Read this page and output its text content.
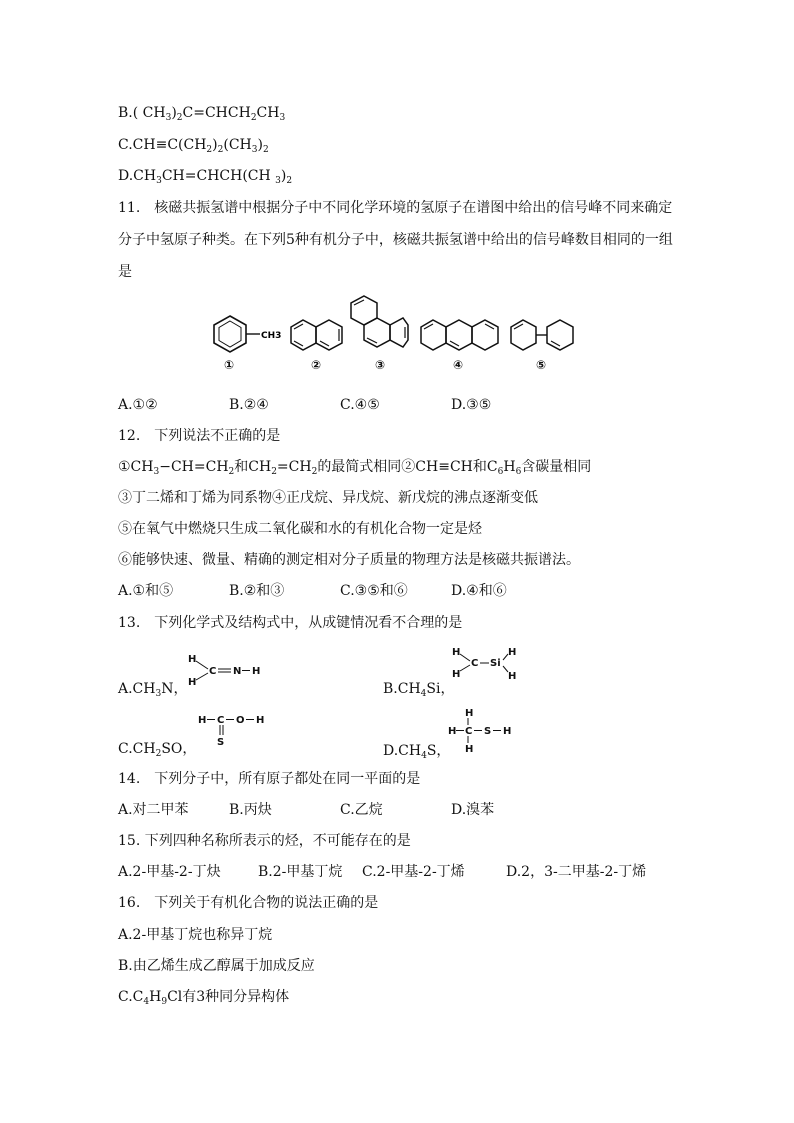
B.( $CH_3)_2C=CHCH_2CH_3$
$C.CH\equiv C(CH_2)_2(CH_3)_2$
$D.CH_3CH=CHCH(CH$ $_3)_2$
11.　核磁共振氢谱中根据分子中不同化学环境的氢原子在谱图中给出的信号峰不同来确定分子中氢原子种类。在下列5种有机分子中，核磁共振氢谱中给出的信号峰数目相同的一组是
CH3
①	②	③	④	⑤
A.①②	B.②④	C.④⑤	D.③⑤
12.　下列说法不正确的是
$①CH_3-CH=CH_2$和$CH_2=CH_2$的最简式相同②CH≡CH和$C_6H_6$含碳量相同
③丁二烯和丁烯为同系物④正戊烷、异戊烷、新戊烷的沸点逐渐变低
⑤在氧气中燃烧只生成二氧化碳和水的有机化合物一定是烃
⑥能够快速、微量、精确的测定相对分子质量的物理方法是核磁共振谱法。
A.①和⑤	B.②和③	C.③⑤和⑥	D.④和⑥
13.　下列化学式及结构式中，从成键情况看不合理的是
$A.CH_3N$，
H
H
C N H
$B.CH_4Si$，
H
H
C Si
H
H
$C.CH_2SO$，
H C O H
S
$D.CH_4S$，
H
H C S H
H
14.　下列分子中，所有原子都处在同一平面的是
A.对二甲苯	B.丙炔	C.乙烷	D.溴苯
15. 下列四种名称所表示的烃，不可能存在的是
A.2-甲基-2-丁炔	B.2-甲基丁烷 C.2-甲基-2-丁烯	D.2，3-二甲基-2-丁烯
16.　下列关于有机化合物的说法正确的是
A.2-甲基丁烷也称异丁烷
B.由乙烯生成乙醇属于加成反应
$C.C_4H_9Cl$有3种同分异构体
